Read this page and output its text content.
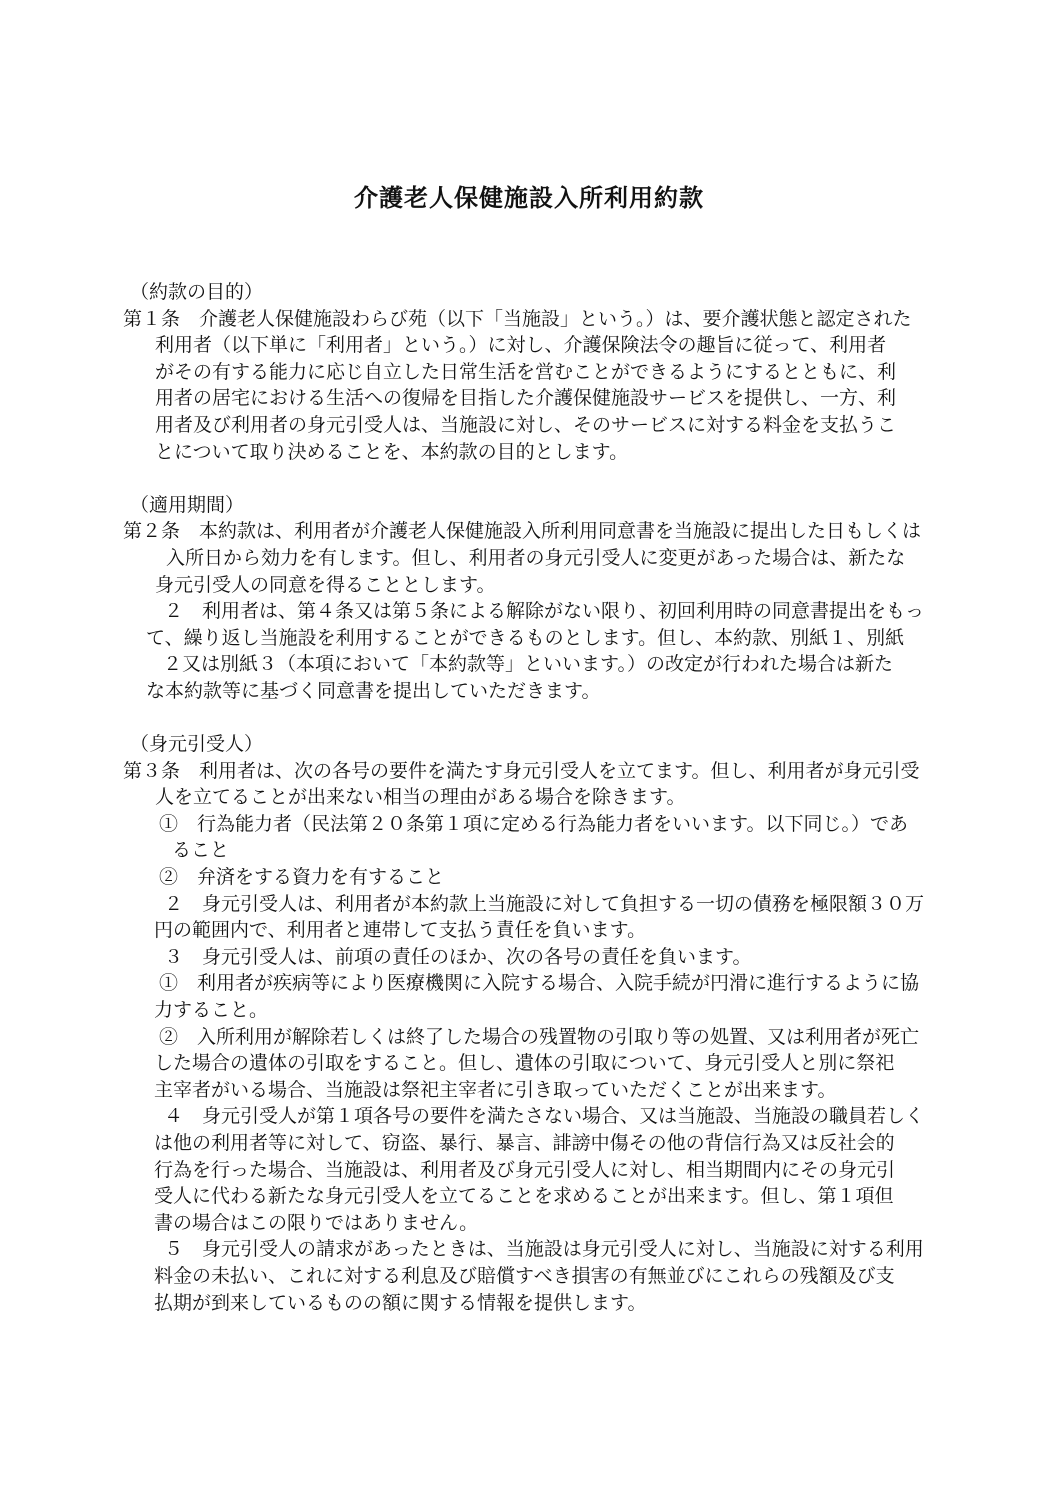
介護老人保健施設入所利用約款
（約款の目的）
第１条　介護老人保健施設わらび苑（以下「当施設」という。）は、要介護状態と認定された
利用者（以下単に「利用者」という。）に対し、介護保険法令の趣旨に従って、利用者
がその有する能力に応じ自立した日常生活を営むことができるようにするとともに、利
用者の居宅における生活への復帰を目指した介護保健施設サービスを提供し、一方、利
用者及び利用者の身元引受人は、当施設に対し、そのサービスに対する料金を支払うこ
とについて取り決めることを、本約款の目的とします。
（適用期間）
第２条　本約款は、利用者が介護老人保健施設入所利用同意書を当施設に提出した日もしくは
入所日から効力を有します。但し、利用者の身元引受人に変更があった場合は、新たな
身元引受人の同意を得ることとします。
２　利用者は、第４条又は第５条による解除がない限り、初回利用時の同意書提出をもっ
て、繰り返し当施設を利用することができるものとします。但し、本約款、別紙１、別紙
２又は別紙３（本項において「本約款等」といいます。）の改定が行われた場合は新た
な本約款等に基づく同意書を提出していただきます。
（身元引受人）
第３条　利用者は、次の各号の要件を満たす身元引受人を立てます。但し、利用者が身元引受
人を立てることが出来ない相当の理由がある場合を除きます。
①　行為能力者（民法第２０条第１項に定める行為能力者をいいます。以下同じ。）であ
ること
②　弁済をする資力を有すること
２　身元引受人は、利用者が本約款上当施設に対して負担する一切の債務を極限額３０万
円の範囲内で、利用者と連帯して支払う責任を負います。
３　身元引受人は、前項の責任のほか、次の各号の責任を負います。
①　利用者が疾病等により医療機関に入院する場合、入院手続が円滑に進行するように協
力すること。
②　入所利用が解除若しくは終了した場合の残置物の引取り等の処置、又は利用者が死亡
した場合の遺体の引取をすること。但し、遺体の引取について、身元引受人と別に祭祀
主宰者がいる場合、当施設は祭祀主宰者に引き取っていただくことが出来ます。
４　身元引受人が第１項各号の要件を満たさない場合、又は当施設、当施設の職員若しく
は他の利用者等に対して、窃盗、暴行、暴言、誹謗中傷その他の背信行為又は反社会的
行為を行った場合、当施設は、利用者及び身元引受人に対し、相当期間内にその身元引
受人に代わる新たな身元引受人を立てることを求めることが出来ます。但し、第１項但
書の場合はこの限りではありません。
５　身元引受人の請求があったときは、当施設は身元引受人に対し、当施設に対する利用
料金の未払い、これに対する利息及び賠償すべき損害の有無並びにこれらの残額及び支
払期が到来しているものの額に関する情報を提供します。
